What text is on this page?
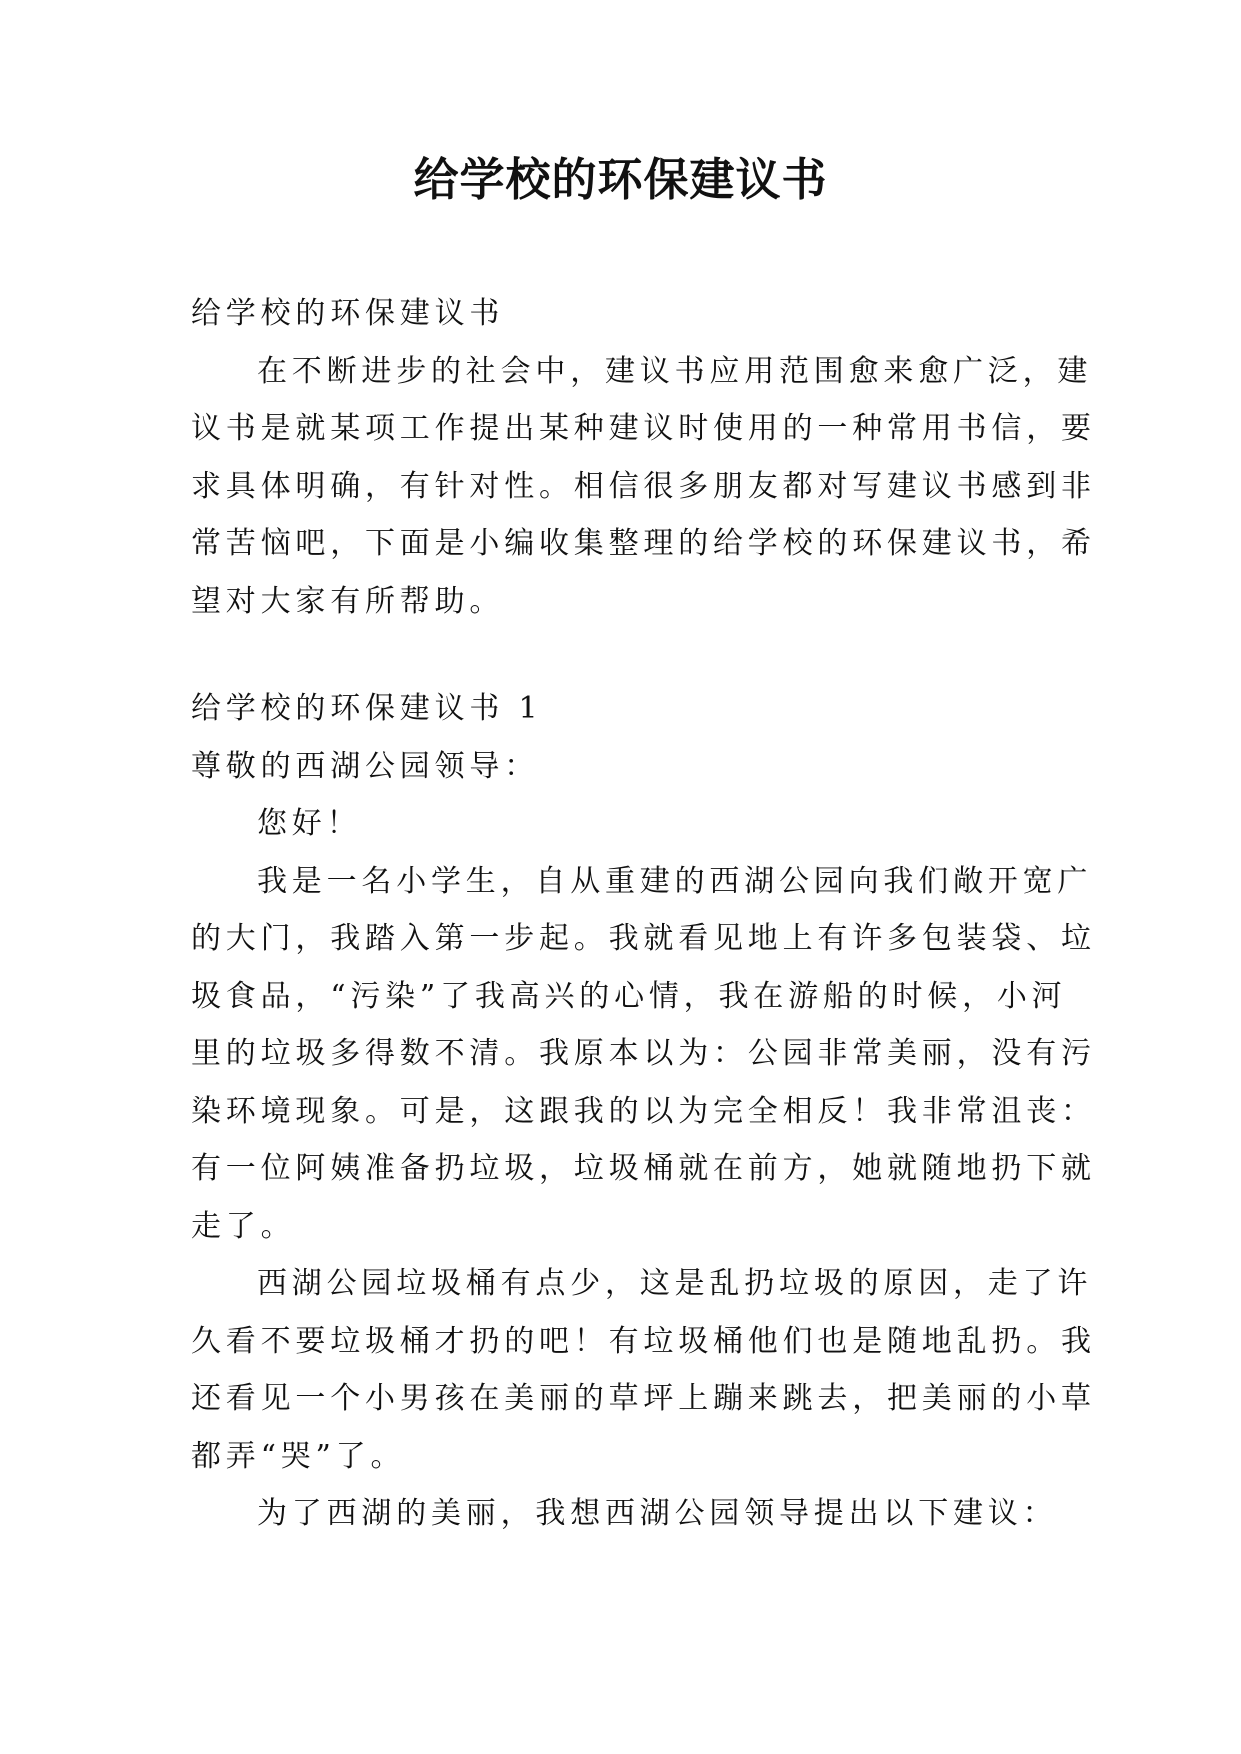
给学校的环保建议书
给学校的环保建议书
在不断进步的社会中，建议书应用范围愈来愈广泛，建
议书是就某项工作提出某种建议时使用的一种常用书信，要
求具体明确，有针对性。相信很多朋友都对写建议书感到非
常苦恼吧，下面是小编收集整理的给学校的环保建议书，希
望对大家有所帮助。
给学校的环保建议书 1
尊敬的西湖公园领导：
您好！
我是一名小学生，自从重建的西湖公园向我们敞开宽广
的大门，我踏入第一步起。我就看见地上有许多包装袋、垃
圾食品，“污染”了我高兴的心情，我在游船的时候，小河
里的垃圾多得数不清。我原本以为：公园非常美丽，没有污
染环境现象。可是，这跟我的以为完全相反！我非常沮丧：
有一位阿姨准备扔垃圾，垃圾桶就在前方，她就随地扔下就
走了。
西湖公园垃圾桶有点少，这是乱扔垃圾的原因，走了许
久看不要垃圾桶才扔的吧！有垃圾桶他们也是随地乱扔。我
还看见一个小男孩在美丽的草坪上蹦来跳去，把美丽的小草
都弄“哭”了。
为了西湖的美丽，我想西湖公园领导提出以下建议：
